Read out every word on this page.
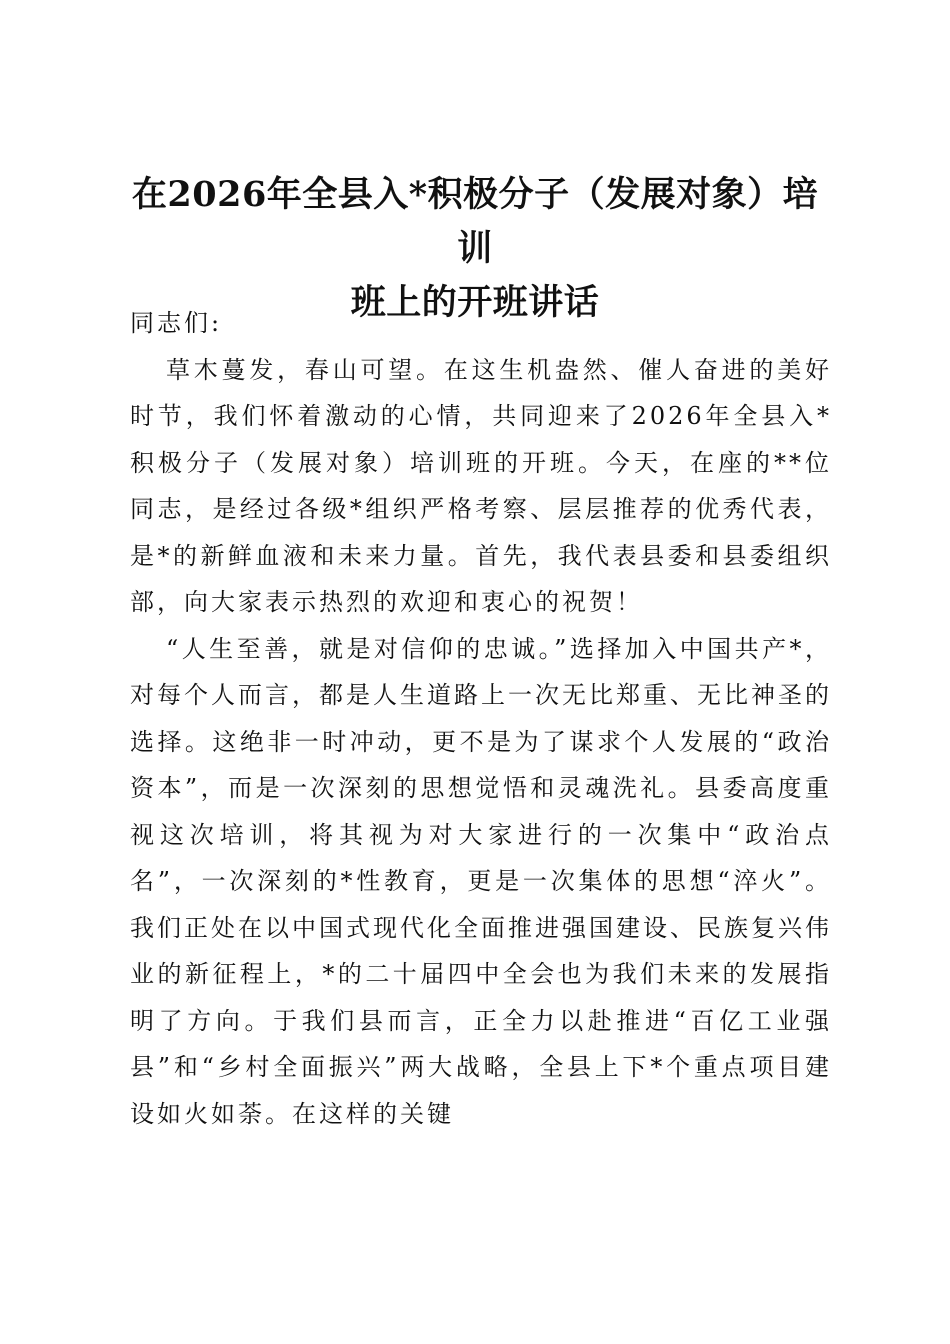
在2026年全县入*积极分子（发展对象）培训
班上的开班讲话

同志们:

草木蔓发，春山可望。在这生机盎然、催人奋进的美好时节，我们怀着激动的心情，共同迎来了2026年全县入*积极分子（发展对象）培训班的开班。今天，在座的**位同志，是经过各级*组织严格考察、层层推荐的优秀代表，是*的新鲜血液和未来力量。首先，我代表县委和县委组织部，向大家表示热烈的欢迎和衷心的祝贺！

“人生至善，就是对信仰的忠诚。”选择加入中国共产*，对每个人而言，都是人生道路上一次无比郑重、无比神圣的选择。这绝非一时冲动，更不是为了谋求个人发展的“政治资本”，而是一次深刻的思想觉悟和灵魂洗礼。县委高度重视这次培训，将其视为对大家进行的一次集中“政治点名”，一次深刻的*性教育，更是一次集体的思想“淬火”。我们正处在以中国式现代化全面推进强国建设、民族复兴伟业的新征程上，*的二十届四中全会也为我们未来的发展指明了方向。于我们县而言，正全力以赴推进“百亿工业强县”和“乡村全面振兴”两大战略，全县上下*个重点项目建设如火如荼。在这样的关键
